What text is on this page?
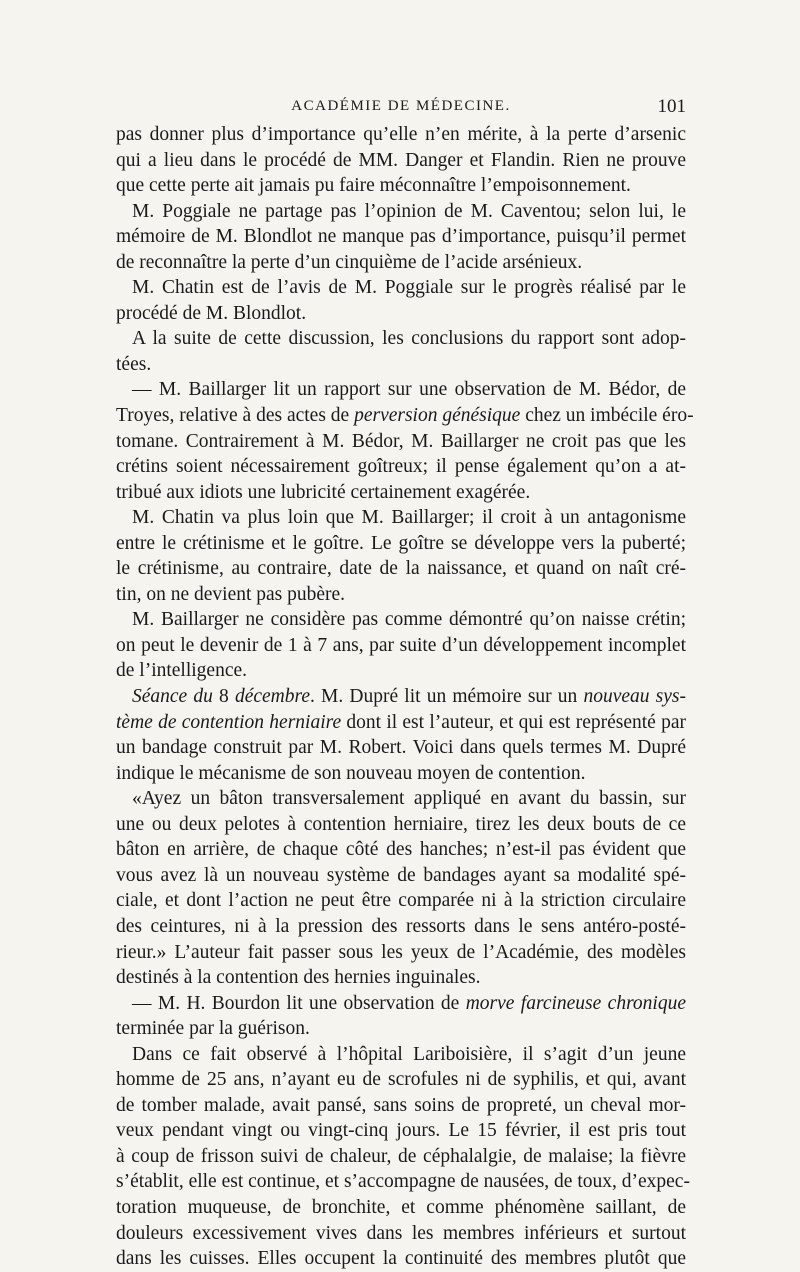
ACADÉMIE DE MÉDECINE.	101
pas donner plus d’importance qu’elle n’en mérite, à la perte d’arsenic
qui a lieu dans le procédé de MM. Danger et Flandin. Rien ne prouve
que cette perte ait jamais pu faire méconnaître l’empoisonnement.
M. Poggiale ne partage pas l’opinion de M. Caventou; selon lui, le
mémoire de M. Blondlot ne manque pas d’importance, puisqu’il permet
de reconnaître la perte d’un cinquième de l’acide arsénieux.
M. Chatin est de l’avis de M. Poggiale sur le progrès réalisé par le
procédé de M. Blondlot.
A la suite de cette discussion, les conclusions du rapport sont adop-
tées.
— M. Baillarger lit un rapport sur une observation de M. Bédor, de
Troyes, relative à des actes de perversion génésique chez un imbécile éro-
tomane. Contrairement à M. Bédor, M. Baillarger ne croit pas que les
crétins soient nécessairement goîtreux; il pense également qu’on a at-
tribué aux idiots une lubricité certainement exagérée.
M. Chatin va plus loin que M. Baillarger; il croit à un antagonisme
entre le crétinisme et le goître. Le goître se développe vers la puberté;
le crétinisme, au contraire, date de la naissance, et quand on naît cré-
tin, on ne devient pas pubère.
M. Baillarger ne considère pas comme démontré qu’on naisse crétin;
on peut le devenir de 1 à 7 ans, par suite d’un développement incomplet
de l’intelligence.
Séance du 8 décembre. M. Dupré lit un mémoire sur un nouveau sys-
tème de contention herniaire dont il est l’auteur, et qui est représenté par
un bandage construit par M. Robert. Voici dans quels termes M. Dupré
indique le mécanisme de son nouveau moyen de contention.
«Ayez un bâton transversalement appliqué en avant du bassin, sur
une ou deux pelotes à contention herniaire, tirez les deux bouts de ce
bâton en arrière, de chaque côté des hanches; n’est-il pas évident que
vous avez là un nouveau système de bandages ayant sa modalité spé-
ciale, et dont l’action ne peut être comparée ni à la striction circulaire
des ceintures, ni à la pression des ressorts dans le sens antéro-posté-
rieur.» L’auteur fait passer sous les yeux de l’Académie, des modèles
destinés à la contention des hernies inguinales.
— M. H. Bourdon lit une observation de morve farcineuse chronique
terminée par la guérison.
Dans ce fait observé à l’hôpital Lariboisière, il s’agit d’un jeune
homme de 25 ans, n’ayant eu de scrofules ni de syphilis, et qui, avant
de tomber malade, avait pansé, sans soins de propreté, un cheval mor-
veux pendant vingt ou vingt-cinq jours. Le 15 février, il est pris tout
à coup de frisson suivi de chaleur, de céphalalgie, de malaise; la fièvre
s’établit, elle est continue, et s’accompagne de nausées, de toux, d’expec-
toration muqueuse, de bronchite, et comme phénomène saillant, de
douleurs excessivement vives dans les membres inférieurs et surtout
dans les cuisses. Elles occupent la continuité des membres plutôt que
